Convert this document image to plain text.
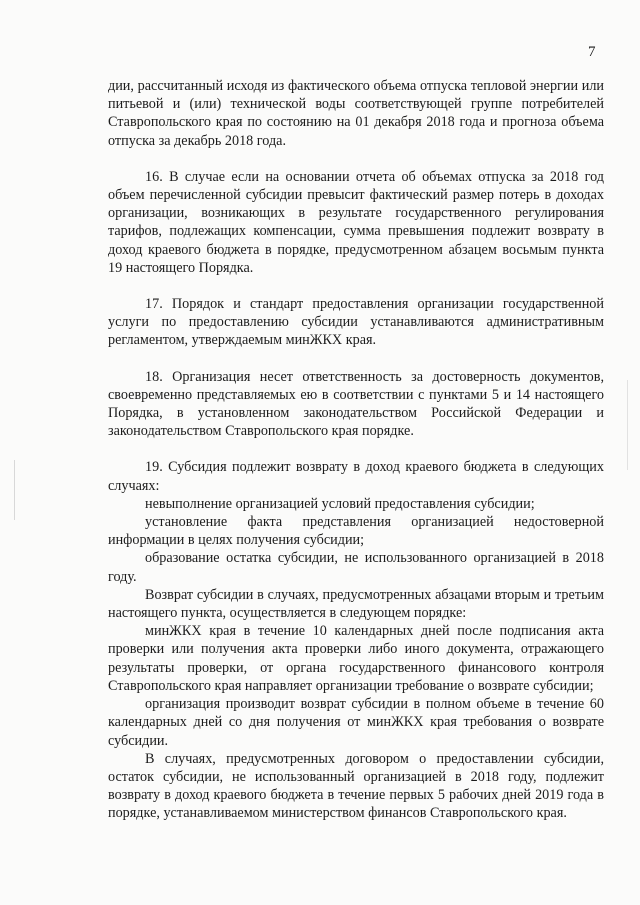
7

дии, рассчитанный исходя из фактического объема отпуска тепловой энергии или питьевой и (или) технической воды соответствующей группе потребителей Ставропольского края по состоянию на 01 декабря 2018 года и прогноза объема отпуска за декабрь 2018 года.

16. В случае если на основании отчета об объемах отпуска за 2018 год объем перечисленной субсидии превысит фактический размер потерь в доходах организации, возникающих в результате государственного регулирования тарифов, подлежащих компенсации, сумма превышения подлежит возврату в доход краевого бюджета в порядке, предусмотренном абзацем восьмым пункта 19 настоящего Порядка.

17. Порядок и стандарт предоставления организации государственной услуги по предоставлению субсидии устанавливаются административным регламентом, утверждаемым минЖКХ края.

18. Организация несет ответственность за достоверность документов, своевременно представляемых ею в соответствии с пунктами 5 и 14 настоящего Порядка, в установленном законодательством Российской Федерации и законодательством Ставропольского края порядке.

19. Субсидия подлежит возврату в доход краевого бюджета в следующих случаях:

невыполнение организацией условий предоставления субсидии;

установление факта представления организацией недостоверной информации в целях получения субсидии;

образование остатка субсидии, не использованного организацией в 2018 году.

Возврат субсидии в случаях, предусмотренных абзацами вторым и третьим настоящего пункта, осуществляется в следующем порядке:

минЖКХ края в течение 10 календарных дней после подписания акта проверки или получения акта проверки либо иного документа, отражающего результаты проверки, от органа государственного финансового контроля Ставропольского края направляет организации требование о возврате субсидии;

организация производит возврат субсидии в полном объеме в течение 60 календарных дней со дня получения от минЖКХ края требования о возврате субсидии.

В случаях, предусмотренных договором о предоставлении субсидии, остаток субсидии, не использованный организацией в 2018 году, подлежит возврату в доход краевого бюджета в течение первых 5 рабочих дней 2019 года в порядке, устанавливаемом министерством финансов Ставропольского края.
